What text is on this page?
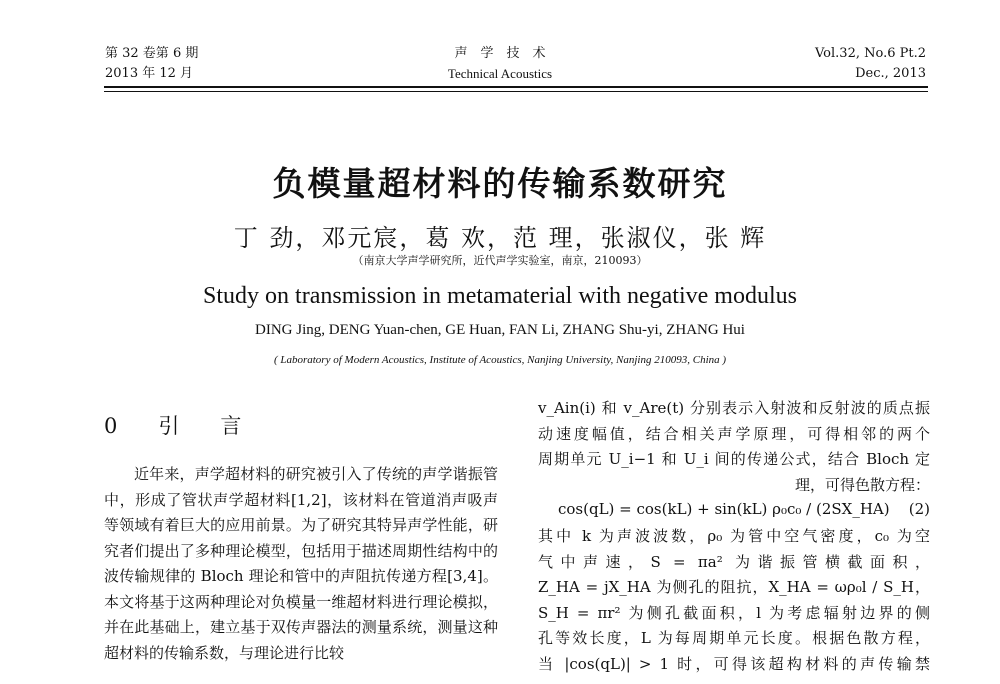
第 32 卷第 6 期
2013 年 12 月
声　学　技　术
Technical Acoustics
Vol.32, No.6 Pt.2
Dec., 2013
负模量超材料的传输系数研究
丁 劲，邓元宸，葛 欢，范 理，张淑仪，张 辉
（南京大学声学研究所，近代声学实验室，南京，210093）
Study on transmission in metamaterial with negative modulus
DING Jing, DENG Yuan-chen, GE Huan, FAN Li, ZHANG Shu-yi, ZHANG Hui
( Laboratory of Modern Acoustics, Institute of Acoustics, Nanjing University, Nanjing 210093, China )
0　引　言

近年来，声学超材料的研究被引入了传统的声学谐振管中，形成了管状声学超材料[1,2]，该材料在管道消声吸声等领域有着巨大的应用前景。为了研究其特异声学性能，研究者们提出了多种理论模型，包括用于描述周期性结构中的波传输规律的 Bloch 理论和管中的声阻抗传递方程[3,4]。本文将基于这两种理论对负模量一维超材料进行理论模拟，并在此基础上，建立基于双传声器法的测量系统，测量这种超材料的传输系数，与理论进行比较

v_Ain(i) 和 v_Are(t) 分别表示入射波和反射波的质点振
动速度幅值，结合相关声学原理，可得相邻的两个
周期单元 U_i−1 和 U_i 间的传递公式，结合 Bloch 定
理，可得色散方程：
cos(qL) = cos(kL) + sin(kL) ρ₀c₀ / (2SX_HA) (2)
其中 k 为声波波数，ρ₀ 为管中空气密度，c₀ 为空
气中声速，S = πa² 为谐振管横截面积，
Z_HA = jX_HA 为侧孔的阻抗，X_HA = ωρ₀l / S_H，
S_H = πr² 为侧孔截面积，l 为考虑辐射边界的侧
孔等效长度，L 为每周期单元长度。根据色散方程，
当 |cos(qL)| > 1 时，可得该超构材料的声传输禁
